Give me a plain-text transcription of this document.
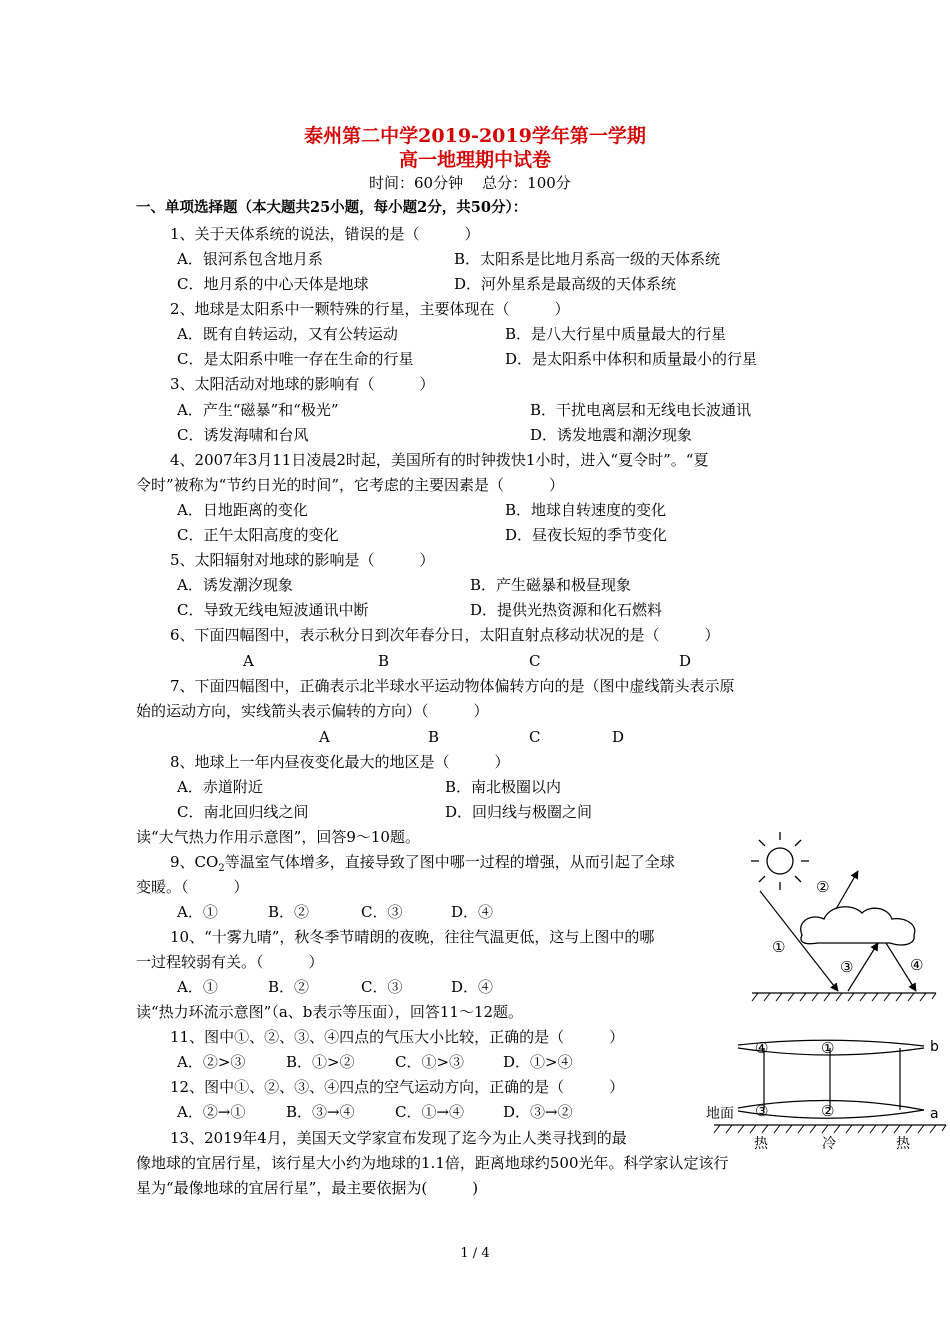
泰州第二中学2019-2019学年第一学期
高一地理期中试卷
时间：60分钟 总分：100分
一、单项选择题（本大题共25小题，每小题2分，共50分）：
1、关于天体系统的说法，错误的是（　　　）
A．银河系包含地月系	B．太阳系是比地月系高一级的天体系统
C．地月系的中心天体是地球	D．河外星系是最高级的天体系统
2、地球是太阳系中一颗特殊的行星，主要体现在（　　　）
A．既有自转运动，又有公转运动	B．是八大行星中质量最大的行星
C．是太阳系中唯一存在生命的行星	D．是太阳系中体积和质量最小的行星
3、太阳活动对地球的影响有（　　　）
A．产生“磁暴”和“极光”	B．干扰电离层和无线电长波通讯
C．诱发海啸和台风	D．诱发地震和潮汐现象
4、2007年3月11日凌晨2时起，美国所有的时钟拨快1小时，进入“夏令时”。“夏
令时”被称为“节约日光的时间”，它考虑的主要因素是（　　　）
A．日地距离的变化	B．地球自转速度的变化
C．正午太阳高度的变化	D．昼夜长短的季节变化
5、太阳辐射对地球的影响是（　　　）
A．诱发潮汐现象	B．产生磁暴和极昼现象
C．导致无线电短波通讯中断	D．提供光热资源和化石燃料
6、下面四幅图中，表示秋分日到次年春分日，太阳直射点移动状况的是（　　　）
A	B	C	D
7、下面四幅图中，正确表示北半球水平运动物体偏转方向的是（图中虚线箭头表示原
始的运动方向，实线箭头表示偏转的方向）（　　　）
A	B	C	D
8、地球上一年内昼夜变化最大的地区是（　　　）
A．赤道附近	B．南北极圈以内
C．南北回归线之间	D．回归线与极圈之间
读“大气热力作用示意图”，回答9～10题。
9、$CO_2$等温室气体增多，直接导致了图中哪一过程的增强，从而引起了全球
变暖。（　　　）
A．①	B．②	C．③	D．④
10、“十雾九晴”，秋冬季节晴朗的夜晚，往往气温更低，这与上图中的哪
一过程较弱有关。（　　　）
A．①	B．②	C．③	D．④
读“热力环流示意图”（a、b表示等压面），回答11～12题。
11、图中①、②、③、④四点的气压大小比较，正确的是（　　　）
A．②>③	B．①>②	C．①>③	D．①>④
12、图中①、②、③、④四点的空气运动方向，正确的是（　　　）
A．②→①	B．③→④	C．①→④	D．③→②
13、2019年4月，美国天文学家宣布发现了迄今为止人类寻找到的最
像地球的宜居行星，该行星大小约为地球的1.1倍，距离地球约500光年。科学家认定该行
星为“最像地球的宜居行星”，最主要依据为(　　　)
①
②
③	④
④	①
③	②
b
a
地面
热	冷	热
1 / 4
